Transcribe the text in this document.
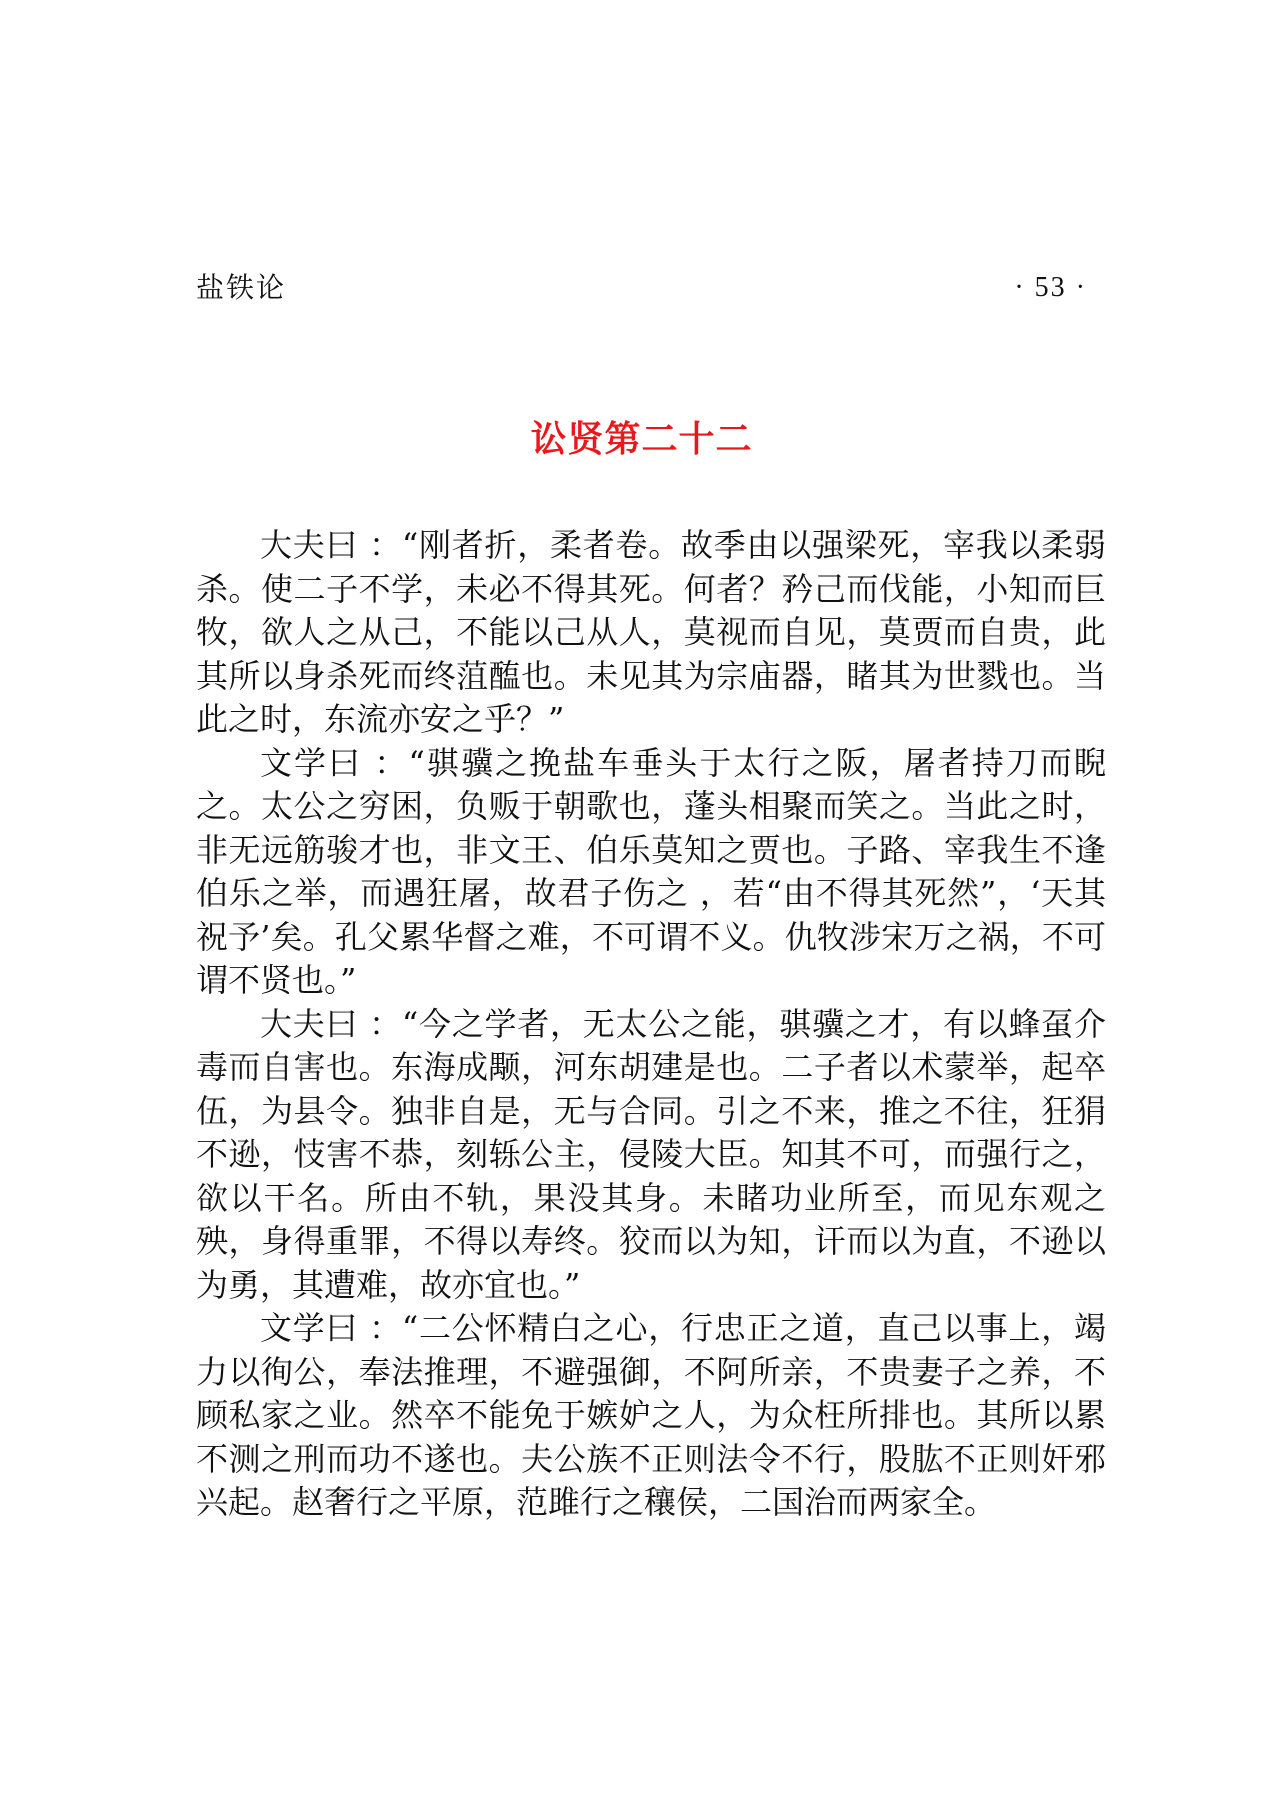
盐铁论	· 53 ·
讼贤第二十二

大夫曰 ：“刚者折，柔者卷。故季由以强梁死，宰我以柔弱杀。使二子不学，未必不得其死。何者？矜己而伐能，小知而巨牧，欲人之从己，不能以己从人，莫视而自见，莫贾而自贵，此其所以身杀死而终菹醢也。未见其为宗庙器，睹其为世戮也。当此之时，东流亦安之乎？”

文学曰 ：“骐骥之挽盐车垂头于太行之阪，屠者持刀而睨之。太公之穷困，负贩于朝歌也，蓬头相聚而笑之。当此之时，非无远筋骏才也，非文王、伯乐莫知之贾也。子路、宰我生不逢伯乐之举，而遇狂屠，故君子伤之 ，若“由不得其死然”，‘天其祝予’矣。孔父累华督之难，不可谓不义。仇牧涉宋万之祸，不可谓不贤也。”

大夫曰 ：“今之学者，无太公之能，骐骥之才，有以蜂虿介毒而自害也。东海成颙，河东胡建是也。二子者以术蒙举，起卒伍，为县令。独非自是，无与合同。引之不来，推之不往，狂狷不逊，忮害不恭，刻轹公主，侵陵大臣。知其不可，而强行之，欲以干名。所由不轨，果没其身。未睹功业所至，而见东观之殃，身得重罪，不得以寿终。狡而以为知，讦而以为直，不逊以为勇，其遭难，故亦宜也。”

文学曰 ：“二公怀精白之心，行忠正之道，直己以事上，竭力以徇公，奉法推理，不避强御，不阿所亲，不贵妻子之养，不顾私家之业。然卒不能免于嫉妒之人，为众枉所排也。其所以累不测之刑而功不遂也。夫公族不正则法令不行，股肱不正则奸邪兴起。赵奢行之平原，范雎行之穰侯，二国治而两家全。
